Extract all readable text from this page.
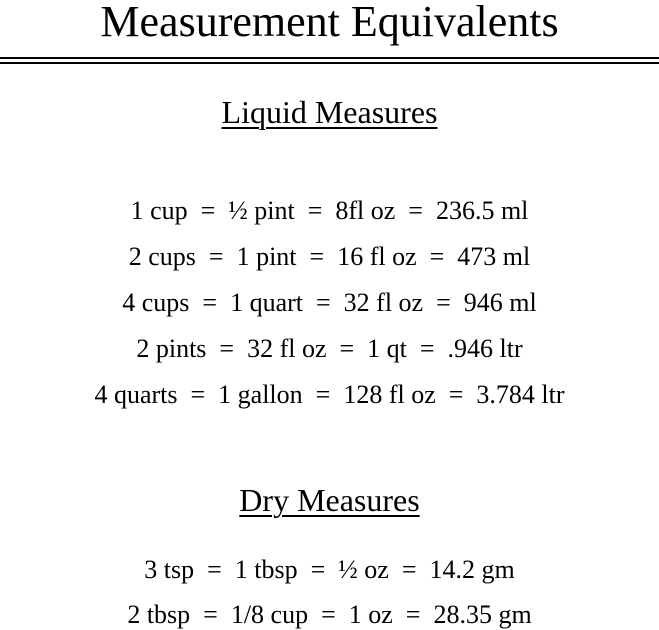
Measurement Equivalents
Liquid Measures
1 cup  =  ½ pint  =  8fl oz  =  236.5 ml
2 cups  =  1 pint  =  16 fl oz  =  473 ml
4 cups  =  1 quart  =  32 fl oz  =  946 ml
2 pints  =  32 fl oz  =  1 qt  =  .946 ltr
4 quarts  =  1 gallon  =  128 fl oz  =  3.784 ltr
Dry Measures
3 tsp  =  1 tbsp  =  ½ oz  =  14.2 gm
2 tbsp  =  1/8 cup  =  1 oz  =  28.35 gm
